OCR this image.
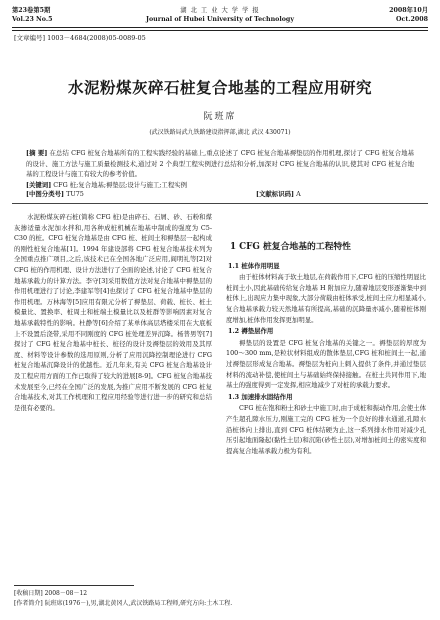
第23卷第5期
Vol.23 No.5
湖 北 工 业 大 学 学 报
Journal of Hubei University of Technology
2008年10月
Oct.2008
[文章编号] 1003－4684(2008)05-0089-05
水泥粉煤灰碎石桩复合地基的工程应用研究
阮班席
(武汉铁路局武九铁路建设指挥部,湖北 武汉 430071)
[摘 要] 在总结 CFG 桩复合地基所有的工程实践经验的基础上,重点论述了 CFG 桩复合地基褥垫层的作用机理,探讨了 CFG 桩复合地基的设计、施工方法与施工质量检测技术,通过对 2 个典型工程实例进行总结和分析,加深对 CFG 桩复合地基的认识,使其对 CFG 桩复合地基的工程设计与施工有较大的参考价值。
[关键词] CFG 桩;复合地基;褥垫层;设计与施工;工程实例
[中图分类号] TU75	[文献标识码] A

水泥粉煤灰碎石桩(简称 CFG 桩)是由碎石、石屑、砂、石粉和煤灰掺适量水泥加水拌和,用各种成桩机械在地基中制成的强度为 C5-C30 的桩。CFG 桩复合地基是由 CFG 桩、桩间土和褥垫层一起构成的刚性桩复合地基[1]。1994 年建设部将 CFG 桩复合地基技术列为全国重点推广项目,之后,该技术已在全国各地广泛应用,阎明礼等[2]对 CFG 桩的作用机理、设计方法进行了全面的论述,讨论了 CFG 桩复合地基承载力的计算方法。李守[3]采用数值方法对复合地基中褥垫层的作用机理进行了讨论,李建军等[4]也探讨了 CFG 桩复合地基中垫层的作用机理。万林海等[5]应用有限元分析了褥垫层、荷载、桩长、桩土模量比、置换率、桩周土和桩端土模量比以及桩群等影响因素对复合地基承载特性的影响。杜静等[6]介绍了某单体高层塔楼采用在大底板上不设置后浇带,采用不同刚度的 CFG 桩处理差异沉降。杨普男等[7]探讨了 CFG 桩复合地基中桩长、桩径的设计及褥垫层的效用及其厚度、材料等设计参数的选用原则,分析了应用沉降控制理论进行 CFG 桩复合地基沉降设计的优越性。近几年来,有关 CFG 桩复合地基设计及工程应用方面的工作已取得了较大的进展[8-9]。CFG 桩复合地基技术发展至今,已经在全国广泛的发展,为推广应用不断发展的 CFG 桩复合地基技术,对其工作机理和工程应用经验等进行进一步的研究和总结是很有必要的。

1 CFG 桩复合地基的工程特性
1.1 桩体作用明显

由于桩体材料高于软土地层,在荷载作用下,CFG 桩的压缩性明显比桩间土小,因此基础传给复合地基 H 附加应力,随着地层变形逐渐集中到桩体上,出现应力集中现象,大部分荷载由桩体承受,桩间土应力相显减小,复合地基承载力较天然地基有所提高,基础的沉降量亦减小,随着桩体刚度增加,桩体作用发挥更加明显。

1.2 褥垫层作用

褥垫层的设置是 CFG 桩复合地基的关键之一。褥垫层的厚度为 100～300 mm,是粒状材料组成的散体垫层,CFG 桩和桩间土一起,通过褥垫层形成复合地基。褥垫层为桩向上刺入提供了条件,并通过垫层材料的流动补偿,使桩间土与基础始终保持接触。在桩土共同作用下,地基土的强度得到一定发挥,相应地减少了对桩的承载力要求。

1.3 加速排水固结作用

CFG 桩在饱和粉土和砂土中施工时,由于成桩和振动作用,会使土体产生超孔隙水压力,刚施工完的 CFG 桩为一个良好的排水通道,孔隙水沿桩体向上排出,直到 CFG 桩体结硬为止,这一系列排水作用对减少孔压引起地面隆起(黏性土层)和沉陷(砂性土层),对增加桩间土的密实度和提高复合地基承载力极为有利。

[收稿日期] 2008－08－12
[作者简介] 阮班席(1976－),男,湖北黄冈人,武汉铁路局工程师,研究方向:土木工程.
